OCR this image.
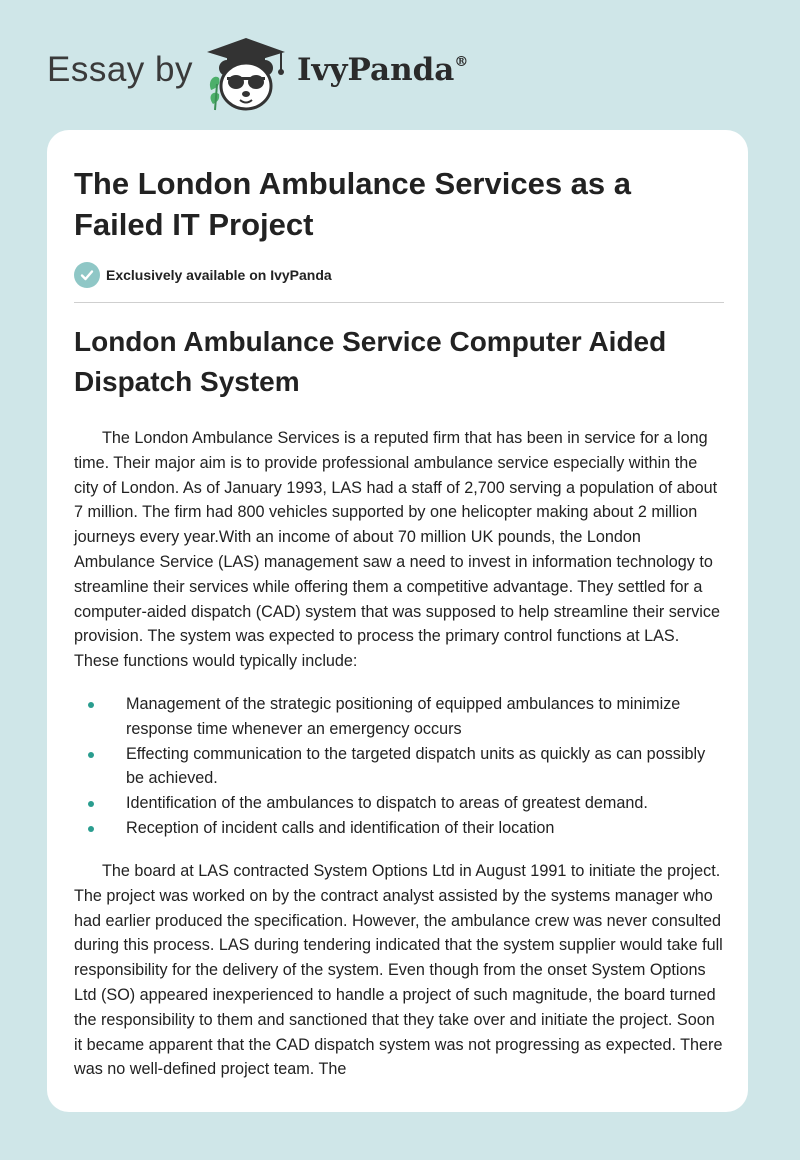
Essay by	IvyPanda®
The London Ambulance Services as a Failed IT Project
Exclusively available on IvyPanda
London Ambulance Service Computer Aided Dispatch System

The London Ambulance Services is a reputed firm that has been in service for a long time. Their major aim is to provide professional ambulance service especially within the city of London. As of January 1993, LAS had a staff of 2,700 serving a population of about 7 million. The firm had 800 vehicles supported by one helicopter making about 2 million journeys every year.With an income of about 70 million UK pounds, the London Ambulance Service (LAS) management saw a need to invest in information technology to streamline their services while offering them a competitive advantage. They settled for a computer-aided dispatch (CAD) system that was supposed to help streamline their service provision. The system was expected to process the primary control functions at LAS. These functions would typically include:

Management of the strategic positioning of equipped ambulances to minimize response time whenever an emergency occurs
Effecting communication to the targeted dispatch units as quickly as can possibly be achieved.
Identification of the ambulances to dispatch to areas of greatest demand.
Reception of incident calls and identification of their location

The board at LAS contracted System Options Ltd in August 1991 to initiate the project. The project was worked on by the contract analyst assisted by the systems manager who had earlier produced the specification. However, the ambulance crew was never consulted during this process. LAS during tendering indicated that the system supplier would take full responsibility for the delivery of the system. Even though from the onset System Options Ltd (SO) appeared inexperienced to handle a project of such magnitude, the board turned the responsibility to them and sanctioned that they take over and initiate the project. Soon it became apparent that the CAD dispatch system was not progressing as expected. There was no well-defined project team. The
